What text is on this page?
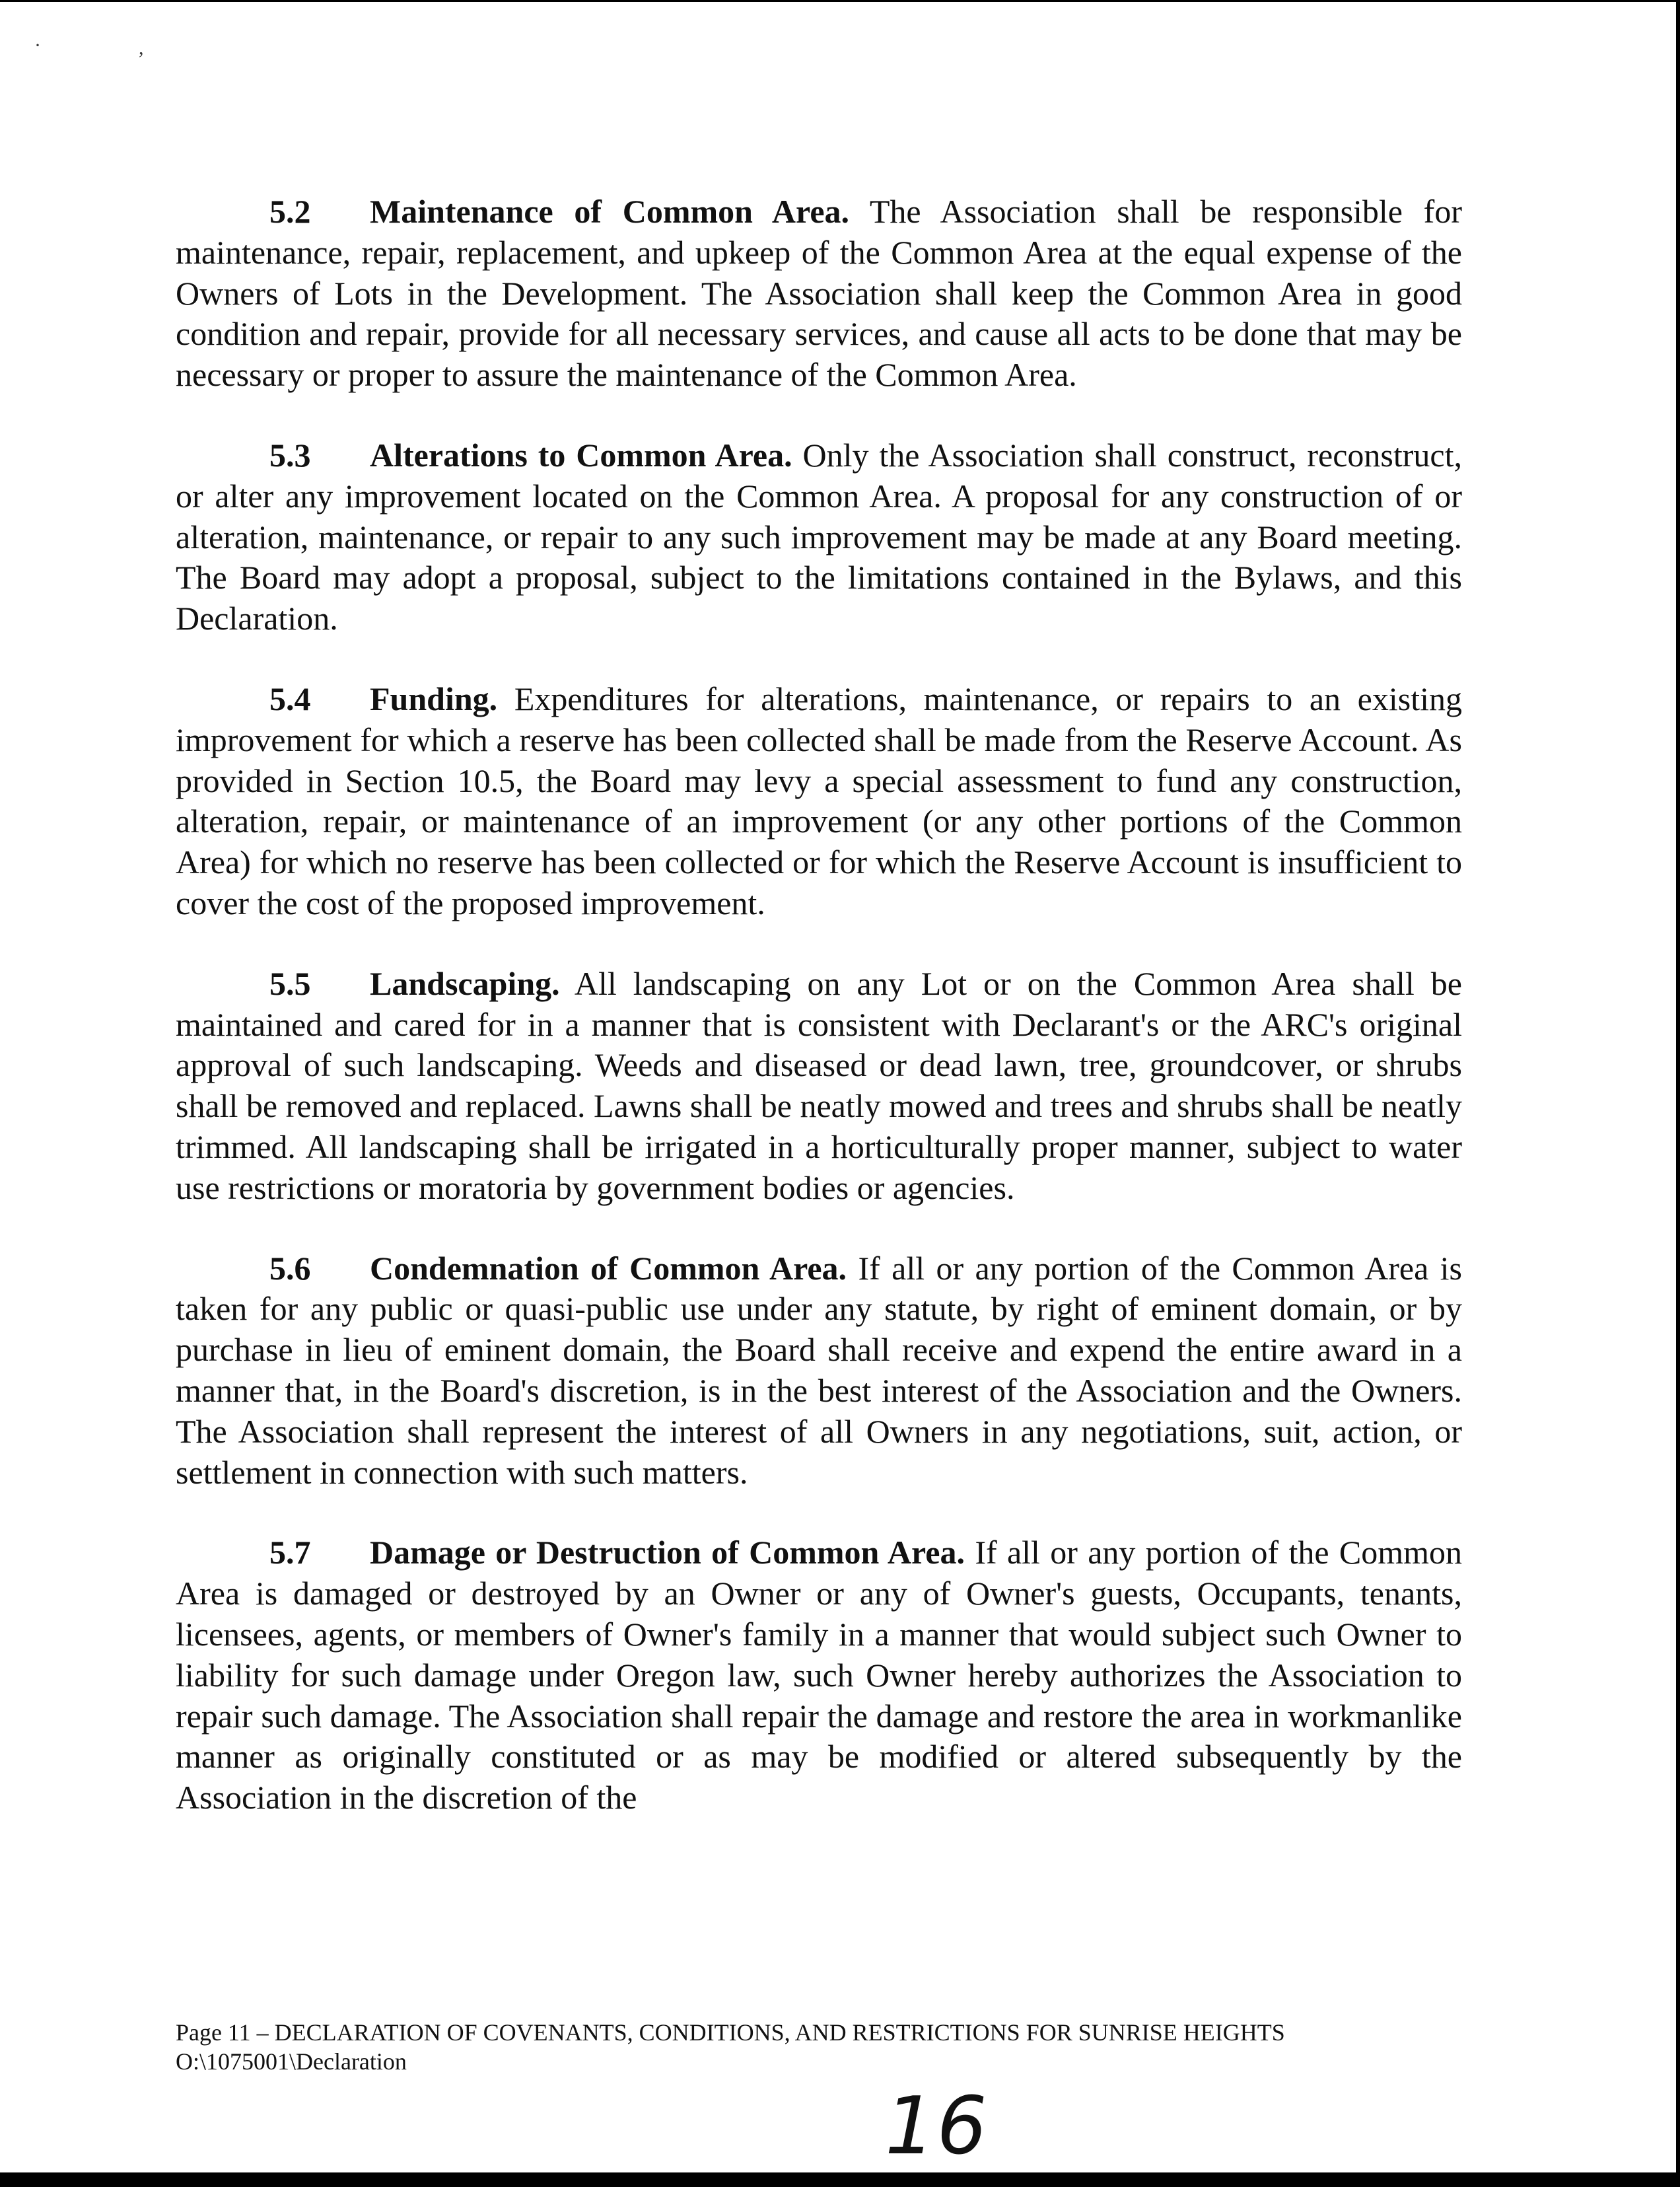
·	,

5.2 Maintenance of Common Area. The Association shall be responsible for maintenance, repair, replacement, and upkeep of the Common Area at the equal expense of the Owners of Lots in the Development. The Association shall keep the Common Area in good condition and repair, provide for all necessary services, and cause all acts to be done that may be necessary or proper to assure the maintenance of the Common Area.

5.3 Alterations to Common Area. Only the Association shall construct, reconstruct, or alter any improvement located on the Common Area. A proposal for any construction of or alteration, maintenance, or repair to any such improvement may be made at any Board meeting. The Board may adopt a proposal, subject to the limitations contained in the Bylaws, and this Declaration.

5.4 Funding. Expenditures for alterations, maintenance, or repairs to an existing improvement for which a reserve has been collected shall be made from the Reserve Account. As provided in Section 10.5, the Board may levy a special assessment to fund any construction, alteration, repair, or maintenance of an improvement (or any other portions of the Common Area) for which no reserve has been collected or for which the Reserve Account is insufficient to cover the cost of the proposed improvement.

5.5 Landscaping. All landscaping on any Lot or on the Common Area shall be maintained and cared for in a manner that is consistent with Declarant's or the ARC's original approval of such landscaping. Weeds and diseased or dead lawn, tree, groundcover, or shrubs shall be removed and replaced. Lawns shall be neatly mowed and trees and shrubs shall be neatly trimmed. All landscaping shall be irrigated in a horticulturally proper manner, subject to water use restrictions or moratoria by government bodies or agencies.

5.6 Condemnation of Common Area. If all or any portion of the Common Area is taken for any public or quasi-public use under any statute, by right of eminent domain, or by purchase in lieu of eminent domain, the Board shall receive and expend the entire award in a manner that, in the Board's discretion, is in the best interest of the Association and the Owners. The Association shall represent the interest of all Owners in any negotiations, suit, action, or settlement in connection with such matters.

5.7 Damage or Destruction of Common Area. If all or any portion of the Common Area is damaged or destroyed by an Owner or any of Owner's guests, Occupants, tenants, licensees, agents, or members of Owner's family in a manner that would subject such Owner to liability for such damage under Oregon law, such Owner hereby authorizes the Association to repair such damage. The Association shall repair the damage and restore the area in workmanlike manner as originally constituted or as may be modified or altered subsequently by the Association in the discretion of the

Page 11 – DECLARATION OF COVENANTS, CONDITIONS, AND RESTRICTIONS FOR SUNRISE HEIGHTS
O:\1075001\Declaration
16
